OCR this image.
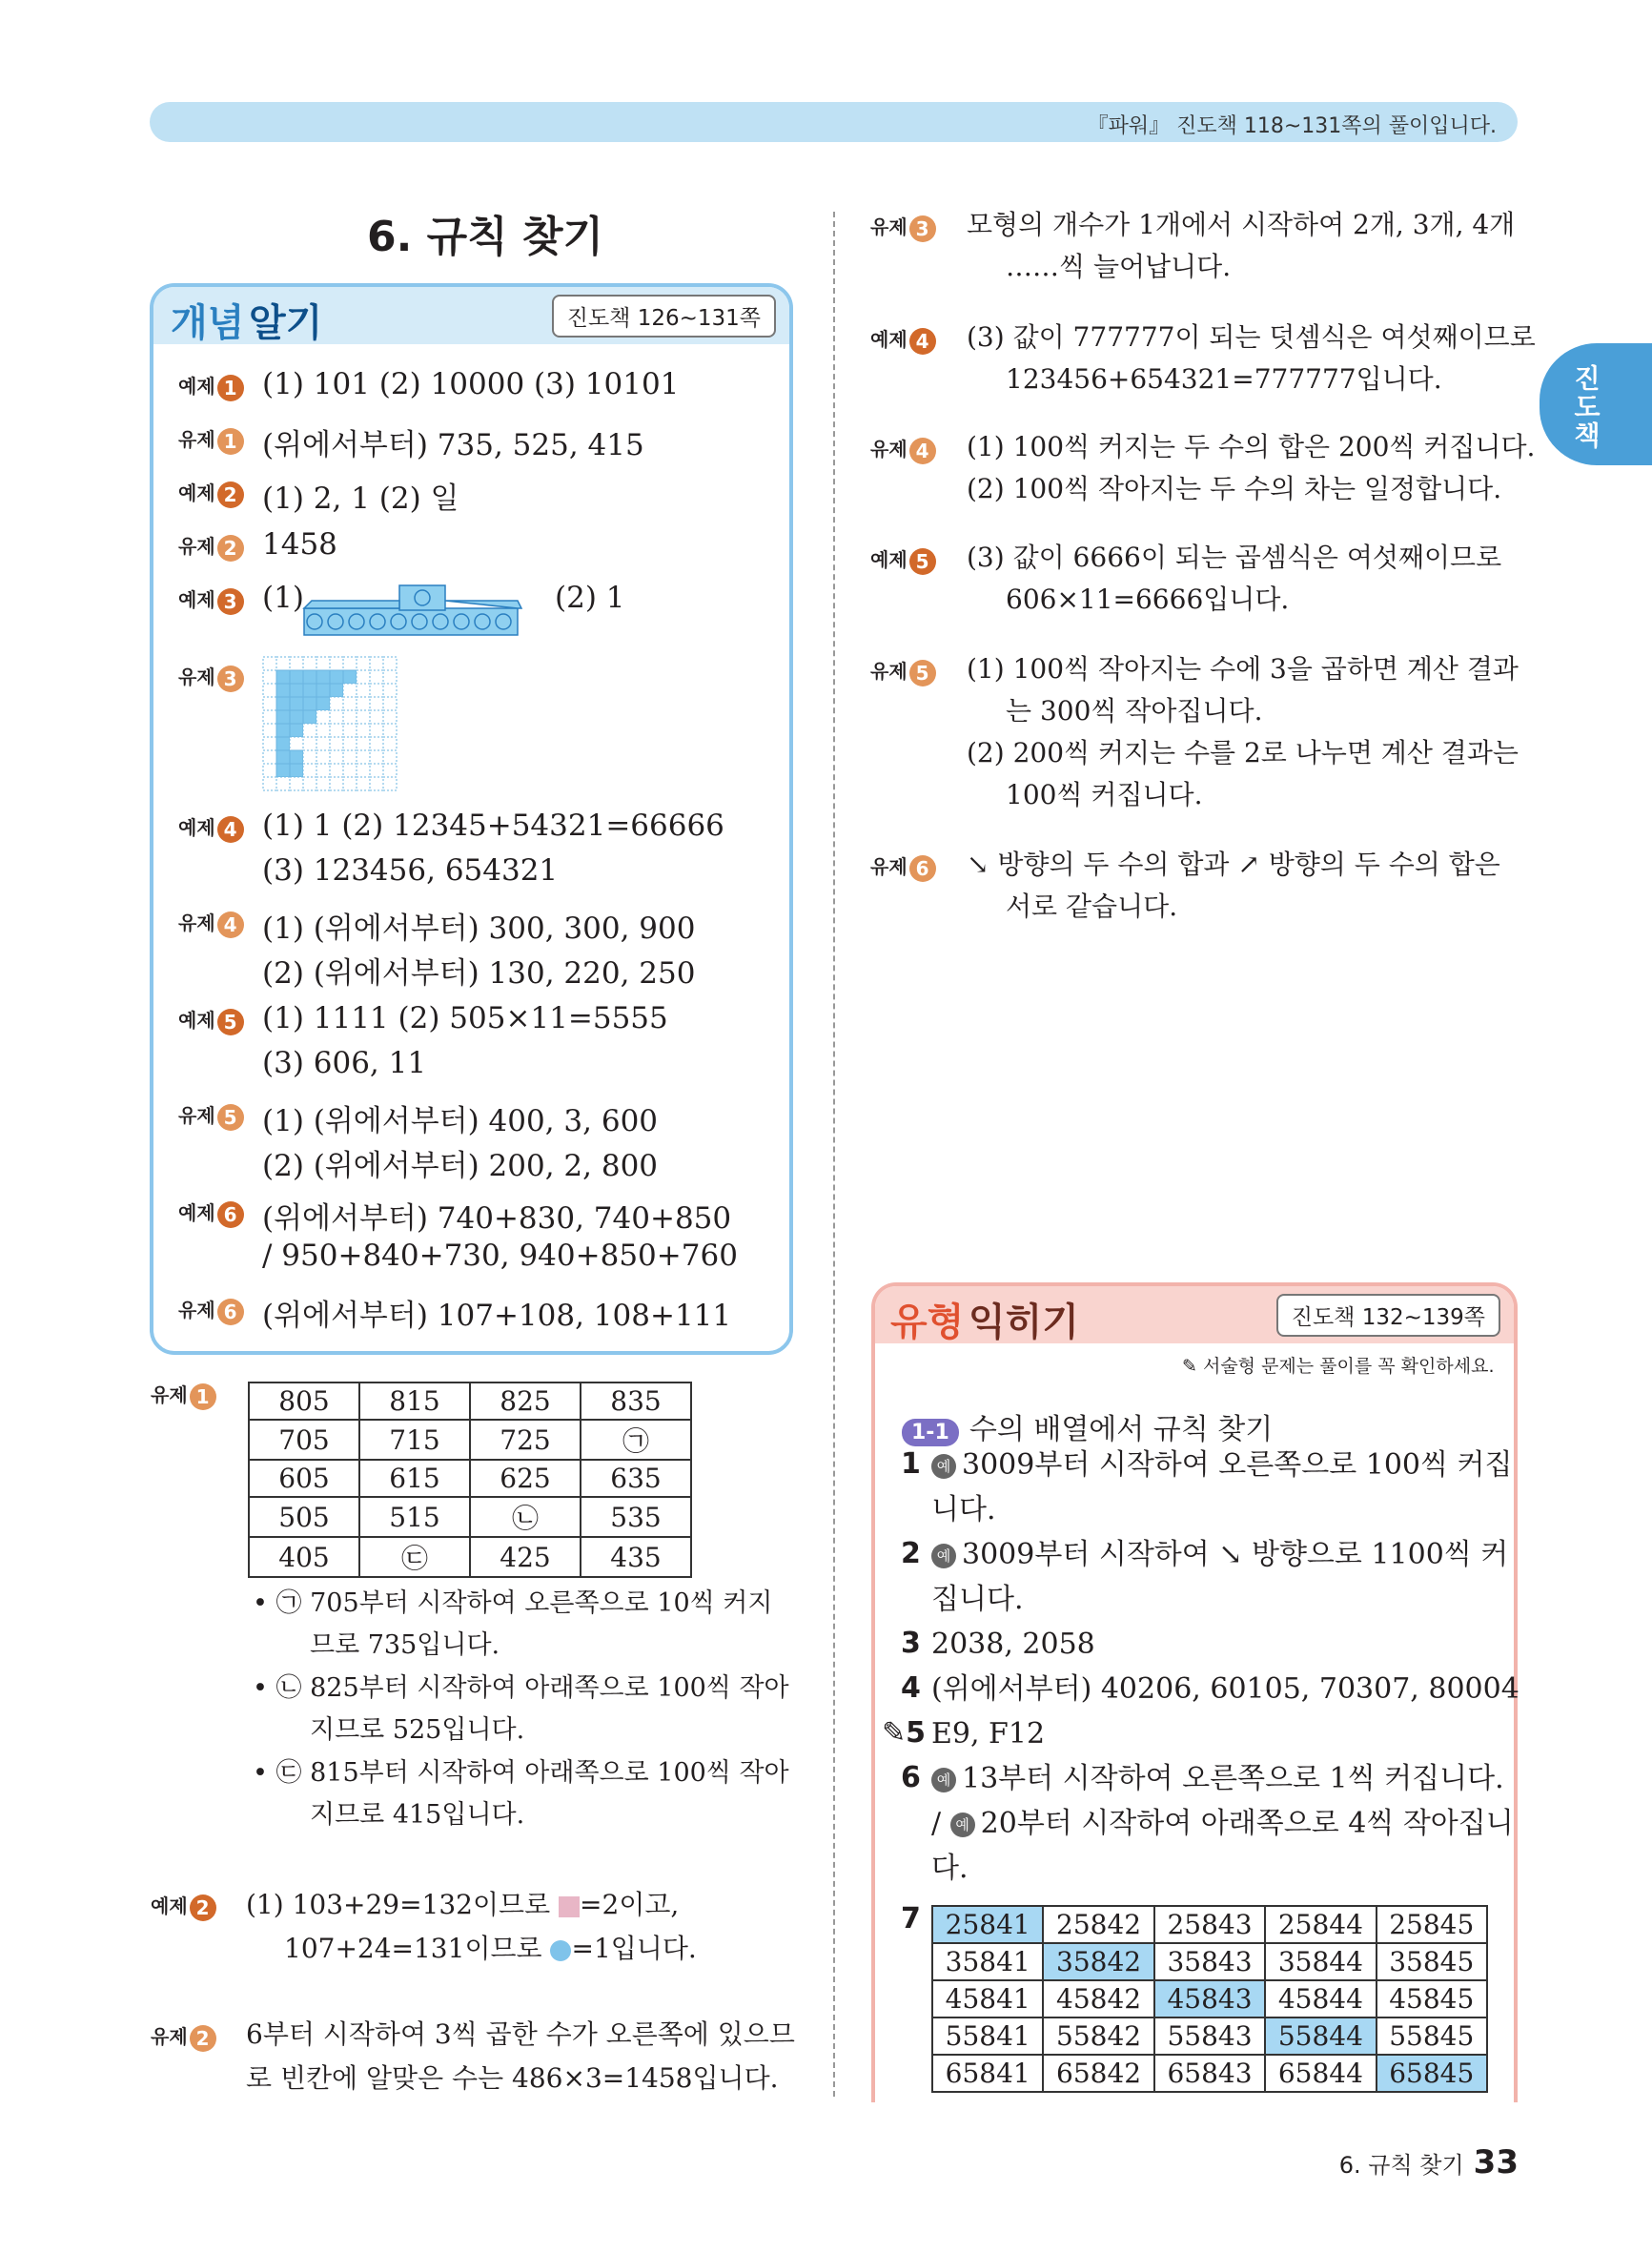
『파워』 진도책 118~131쪽의 풀이입니다.
진도책
6. 규칙 찾기
개념 알기	진도책 126~131쪽
예제 1 (1) 101 (2) 10000 (3) 10101
유제 1 (위에서부터) 735, 525, 415
예제 2 (1) 2, 1 (2) 일
유제 2 1458
예제 3 (1)	(2) 1
유제 3
예제 4 (1) 1 (2) 12345+54321=66666
(3) 123456, 654321
유제 4 (1) (위에서부터) 300, 300, 900
(2) (위에서부터) 130, 220, 250
예제 5 (1) 1111 (2) 505×11=5555
(3) 606, 11
유제 5 (1) (위에서부터) 400, 3, 600
(2) (위에서부터) 200, 2, 800
예제 6 (위에서부터) 740+830, 740+850
/ 950+840+730, 940+850+760
유제 6 (위에서부터) 107+108, 108+111
유제 1	805	815	825	835
705	715	725	㉠
605	615	625	635
505	515	㉡	535
405	㉢	425	435
• ㉠ 705부터 시작하여 오른쪽으로 10씩 커지
므로 735입니다.
• ㉡ 825부터 시작하여 아래쪽으로 100씩 작아
지므로 525입니다.
• ㉢ 815부터 시작하여 아래쪽으로 100씩 작아
지므로 415입니다.
예제 2 (1) 103+29=132이므로 =2이고,
107+24=131이므로 =1입니다.
유제 2 6부터 시작하여 3씩 곱한 수가 오른쪽에 있으므
로 빈칸에 알맞은 수는 486×3=1458입니다.
유제 3 모형의 개수가 1개에서 시작하여 2개, 3개, 4개
……씩 늘어납니다.
예제 4 (3) 값이 777777이 되는 덧셈식은 여섯째이므로
123456+654321=777777입니다.
유제 4 (1) 100씩 커지는 두 수의 합은 200씩 커집니다.
(2) 100씩 작아지는 두 수의 차는 일정합니다.
예제 5 (3) 값이 6666이 되는 곱셈식은 여섯째이므로
606×11=6666입니다.
유제 5 (1) 100씩 작아지는 수에 3을 곱하면 계산 결과
는 300씩 작아집니다.
(2) 200씩 커지는 수를 2로 나누면 계산 결과는
100씩 커집니다.
유제 6 ↘ 방향의 두 수의 합과 ↗ 방향의 두 수의 합은
서로 같습니다.
유형 익히기	진도책 132~139쪽
✎ 서술형 문제는 풀이를 꼭 확인하세요.
1-1 수의 배열에서 규칙 찾기
1	예 3009부터 시작하여 오른쪽으로 100씩 커집
니다.
2	예 3009부터 시작하여 ↘ 방향으로 1100씩 커
집니다.
3 2038, 2058
4 (위에서부터) 40206, 60105, 70307, 80004
✎5 E9, F12
6	예 13부터 시작하여 오른쪽으로 1씩 커집니다.
/ 예 20부터 시작하여 아래쪽으로 4씩 작아집니
다.
7 25841	25842	25843	25844	25845
35841	35842	35843	35844	35845
45841	45842	45843	45844	45845
55841	55842	55843	55844	55845
65841	65842	65843	65844	65845
6. 규칙 찾기 33
